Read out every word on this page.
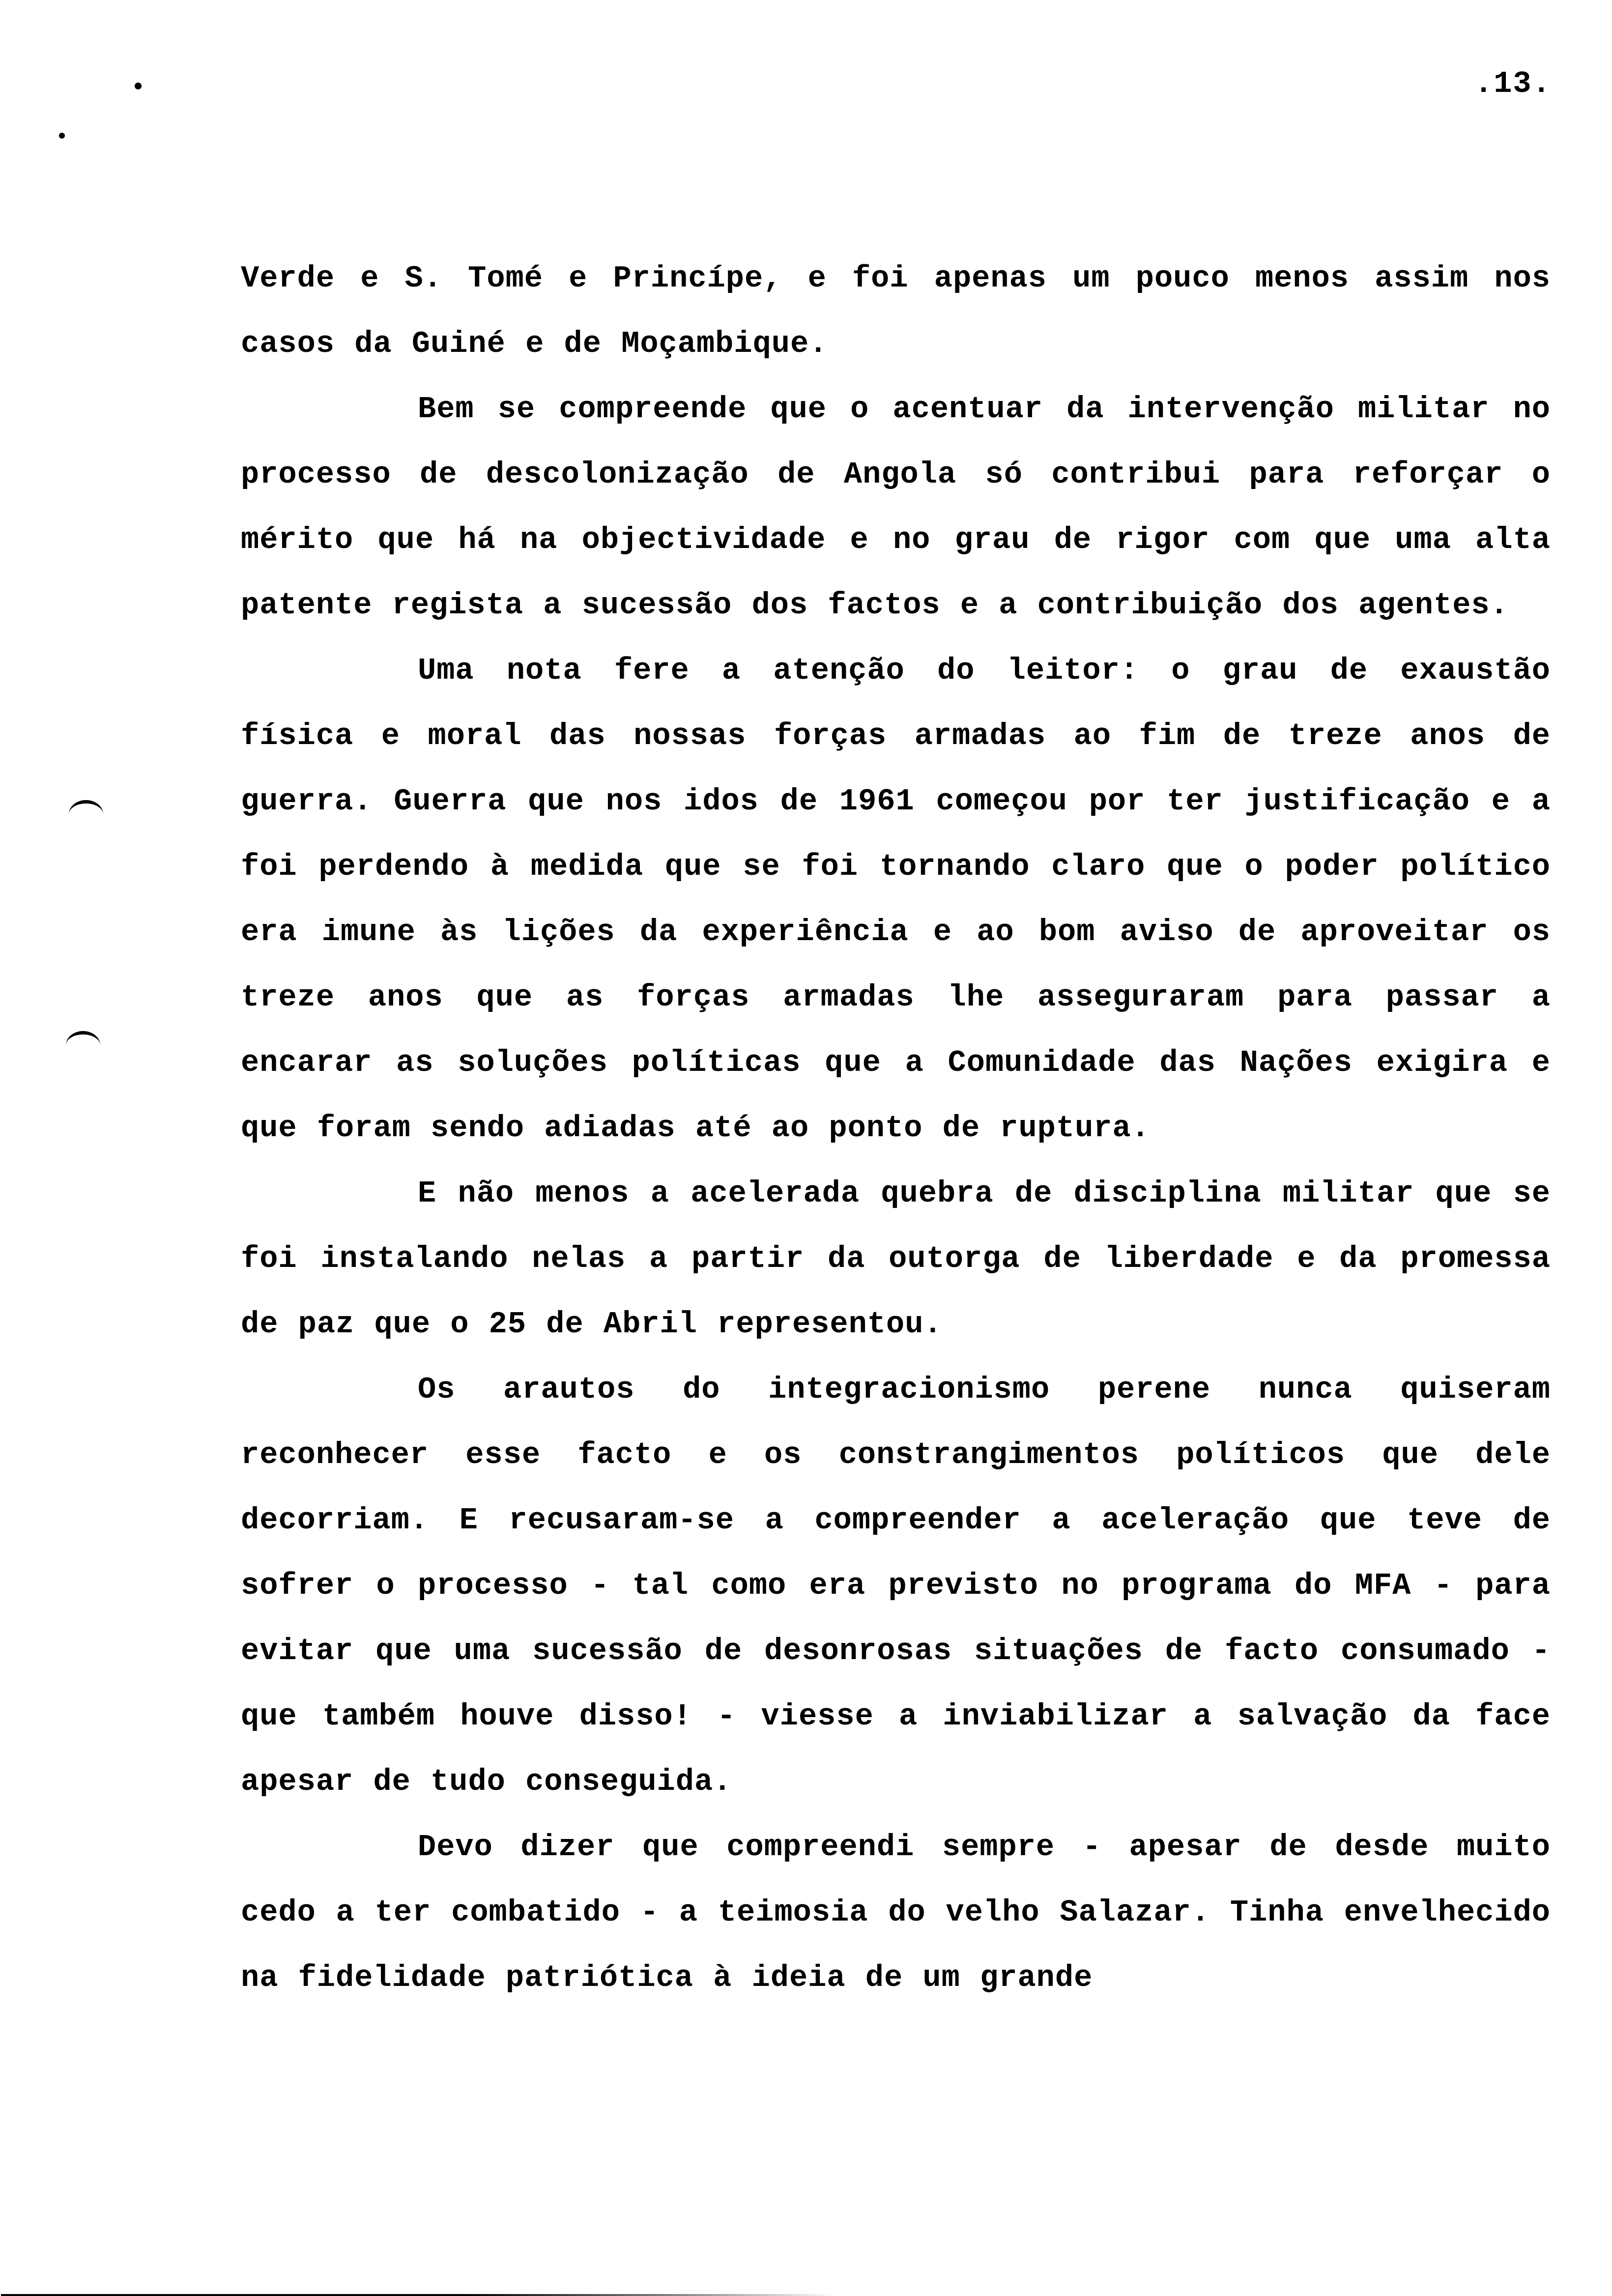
.13.

Verde e S. Tomé e Princípe, e foi apenas um pouco menos assim nos casos da Guiné e de Moçambique.

Bem se compreende que o acentuar da intervenção militar no processo de descolonização de Angola só contribui para reforçar o mérito que há na objectividade e no grau de rigor com que uma alta patente regista a sucessão dos factos e a contribuição dos agentes.

Uma nota fere a atenção do leitor: o grau de exaustão física e moral das nossas forças armadas ao fim de treze anos de guerra. Guerra que nos idos de 1961 começou por ter justificação e a foi perdendo à medida que se foi tornando claro que o poder político era imune às lições da experiência e ao bom aviso de aproveitar os treze anos que as forças armadas lhe asseguraram para passar a encarar as soluções políticas que a Comunidade das Nações exigira e que foram sendo adiadas até ao ponto de ruptura.

E não menos a acelerada quebra de disciplina militar que se foi instalando nelas a partir da outorga de liberdade e da promessa de paz que o 25 de Abril representou.

Os arautos do integracionismo perene nunca quiseram reconhecer esse facto e os constrangimentos políticos que dele decorriam. E recusaram-se a compreender a aceleração que teve de sofrer o processo - tal como era previsto no programa do MFA - para evitar que uma sucessão de desonrosas situações de facto consumado - que também houve disso! - viesse a inviabilizar a salvação da face apesar de tudo conseguida.

Devo dizer que compreendi sempre - apesar de desde muito cedo a ter combatido - a teimosia do velho Salazar. Tinha envelhecido na fidelidade patriótica à ideia de um grande
